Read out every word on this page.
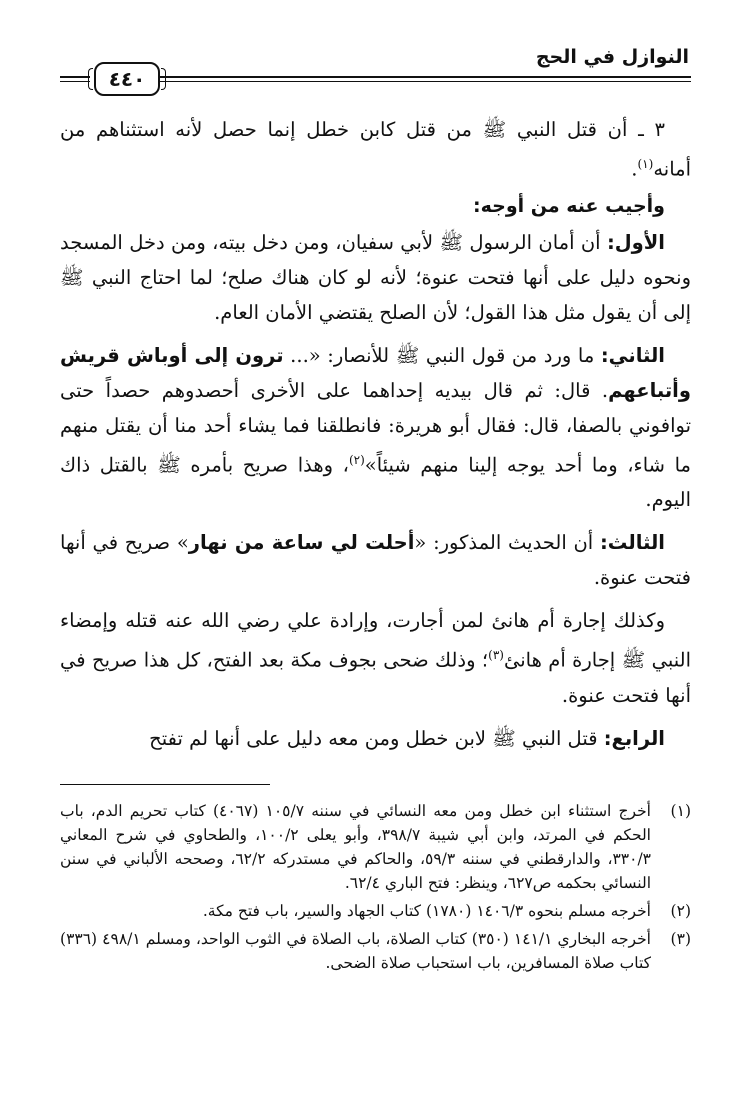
النوازل في الحج
٤٤٠

٣ ـ أن قتل النبي ﷺ من قتل كابن خطل إنما حصل لأنه استثناهم من أمانه$^{(١)}$.

وأجيب عنه من أوجه:

الأول: أن أمان الرسول ﷺ لأبي سفيان، ومن دخل بيته، ومن دخل المسجد ونحوه دليل على أنها فتحت عنوة؛ لأنه لو كان هناك صلح؛ لما احتاج النبي ﷺ إلى أن يقول مثل هذا القول؛ لأن الصلح يقتضي الأمان العام.

الثاني: ما ورد من قول النبي ﷺ للأنصار: «... ترون إلى أوباش قريش وأتباعهم. قال: ثم قال بيديه إحداهما على الأخرى أحصدوهم حصداً حتى توافوني بالصفا، قال: فقال أبو هريرة: فانطلقنا فما يشاء أحد منا أن يقتل منهم ما شاء، وما أحد يوجه إلينا منهم شيئاً»$^{(٢)}$، وهذا صريح بأمره ﷺ بالقتل ذاك اليوم.

الثالث: أن الحديث المذكور: «أحلت لي ساعة من نهار» صريح في أنها فتحت عنوة.

وكذلك إجارة أم هانئ لمن أجارت، وإرادة علي رضي الله عنه قتله وإمضاء النبي ﷺ إجارة أم هانئ$^{(٣)}$؛ وذلك ضحى بجوف مكة بعد الفتح، كل هذا صريح في أنها فتحت عنوة.

الرابع: قتل النبي ﷺ لابن خطل ومن معه دليل على أنها لم تفتح

(١)
أخرج استثناء ابن خطل ومن معه النسائي في سننه ١٠٥/٧ (٤٠٦٧) كتاب تحريم الدم، باب الحكم في المرتد، وابن أبي شيبة ٣٩٨/٧، وأبو يعلى ١٠٠/٢، والطحاوي في شرح المعاني ٣٣٠/٣، والدارقطني في سننه ٥٩/٣، والحاكم في مستدركه ٦٢/٢، وصححه الألباني في سنن النسائي بحكمه ص٦٢٧، وينظر: فتح الباري ٦٢/٤.
(٢)
أخرجه مسلم بنحوه ١٤٠٦/٣ (١٧٨٠) كتاب الجهاد والسير، باب فتح مكة.
(٣)
أخرجه البخاري ١٤١/١ (٣٥٠) كتاب الصلاة، باب الصلاة في الثوب الواحد، ومسلم ٤٩٨/١ (٣٣٦) كتاب صلاة المسافرين، باب استحباب صلاة الضحى.
